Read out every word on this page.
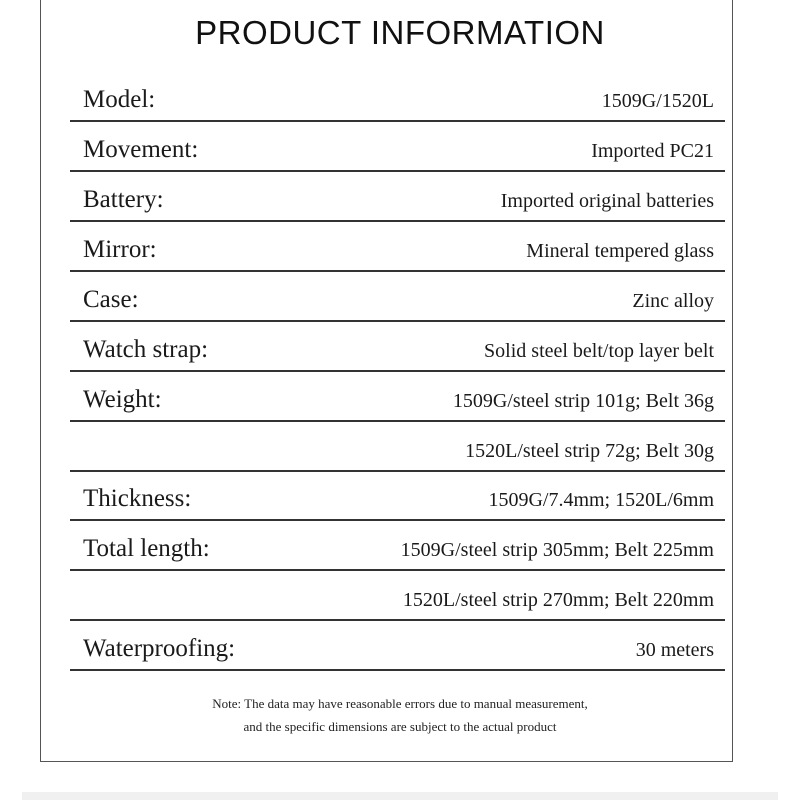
PRODUCT INFORMATION
Model:	1509G/1520L
Movement:	Imported PC21
Battery:	Imported original batteries
Mirror:	Mineral tempered glass
Case:	Zinc alloy
Watch strap:	Solid steel belt/top layer belt
Weight:	1509G/steel strip 101g; Belt 36g
1520L/steel strip 72g; Belt 30g
Thickness:	1509G/7.4mm; 1520L/6mm
Total length:	1509G/steel strip 305mm; Belt 225mm
1520L/steel strip 270mm; Belt 220mm
Waterproofing:	30 meters
Note: The data may have reasonable errors due to manual measurement,
and the specific dimensions are subject to the actual product
